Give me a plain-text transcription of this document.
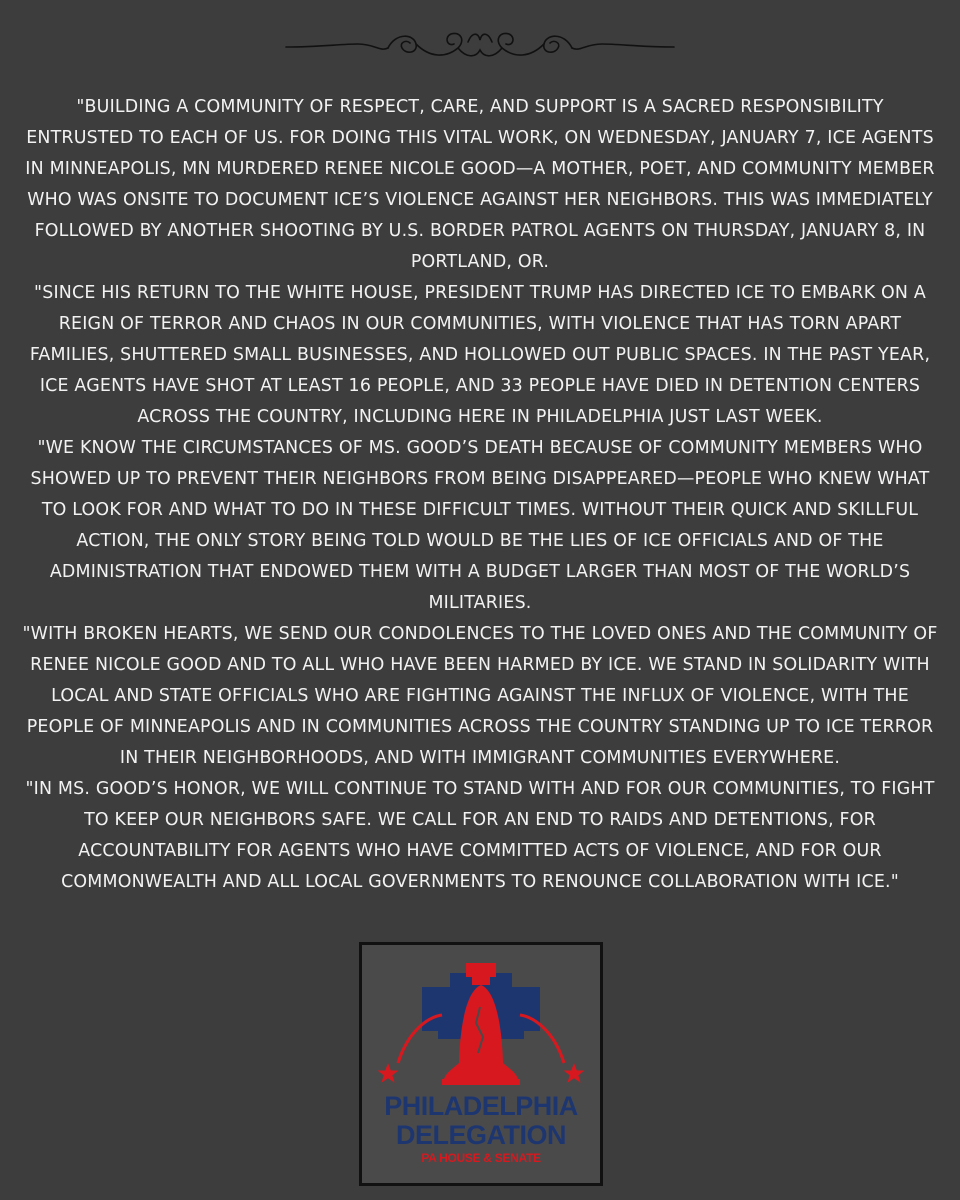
"BUILDING A COMMUNITY OF RESPECT, CARE, AND SUPPORT IS A SACRED RESPONSIBILITY ENTRUSTED TO EACH OF US. FOR DOING THIS VITAL WORK, ON WEDNESDAY, JANUARY 7, ICE AGENTS IN MINNEAPOLIS, MN MURDERED RENEE NICOLE GOOD—A MOTHER, POET, AND COMMUNITY MEMBER WHO WAS ONSITE TO DOCUMENT ICE’S VIOLENCE AGAINST HER NEIGHBORS. THIS WAS IMMEDIATELY FOLLOWED BY ANOTHER SHOOTING BY U.S. BORDER PATROL AGENTS ON THURSDAY, JANUARY 8, IN PORTLAND, OR.

"SINCE HIS RETURN TO THE WHITE HOUSE, PRESIDENT TRUMP HAS DIRECTED ICE TO EMBARK ON A REIGN OF TERROR AND CHAOS IN OUR COMMUNITIES, WITH VIOLENCE THAT HAS TORN APART FAMILIES, SHUTTERED SMALL BUSINESSES, AND HOLLOWED OUT PUBLIC SPACES. IN THE PAST YEAR, ICE AGENTS HAVE SHOT AT LEAST 16 PEOPLE, AND 33 PEOPLE HAVE DIED IN DETENTION CENTERS ACROSS THE COUNTRY, INCLUDING HERE IN PHILADELPHIA JUST LAST WEEK.

"WE KNOW THE CIRCUMSTANCES OF MS. GOOD’S DEATH BECAUSE OF COMMUNITY MEMBERS WHO SHOWED UP TO PREVENT THEIR NEIGHBORS FROM BEING DISAPPEARED—PEOPLE WHO KNEW WHAT TO LOOK FOR AND WHAT TO DO IN THESE DIFFICULT TIMES. WITHOUT THEIR QUICK AND SKILLFUL ACTION, THE ONLY STORY BEING TOLD WOULD BE THE LIES OF ICE OFFICIALS AND OF THE ADMINISTRATION THAT ENDOWED THEM WITH A BUDGET LARGER THAN MOST OF THE WORLD’S MILITARIES.

"WITH BROKEN HEARTS, WE SEND OUR CONDOLENCES TO THE LOVED ONES AND THE COMMUNITY OF RENEE NICOLE GOOD AND TO ALL WHO HAVE BEEN HARMED BY ICE. WE STAND IN SOLIDARITY WITH LOCAL AND STATE OFFICIALS WHO ARE FIGHTING AGAINST THE INFLUX OF VIOLENCE, WITH THE PEOPLE OF MINNEAPOLIS AND IN COMMUNITIES ACROSS THE COUNTRY STANDING UP TO ICE TERROR IN THEIR NEIGHBORHOODS, AND WITH IMMIGRANT COMMUNITIES EVERYWHERE.

"IN MS. GOOD’S HONOR, WE WILL CONTINUE TO STAND WITH AND FOR OUR COMMUNITIES, TO FIGHT TO KEEP OUR NEIGHBORS SAFE. WE CALL FOR AN END TO RAIDS AND DETENTIONS, FOR ACCOUNTABILITY FOR AGENTS WHO HAVE COMMITTED ACTS OF VIOLENCE, AND FOR OUR COMMONWEALTH AND ALL LOCAL GOVERNMENTS TO RENOUNCE COLLABORATION WITH ICE."

PHILADELPHIA
DELEGATION
PA HOUSE & SENATE
